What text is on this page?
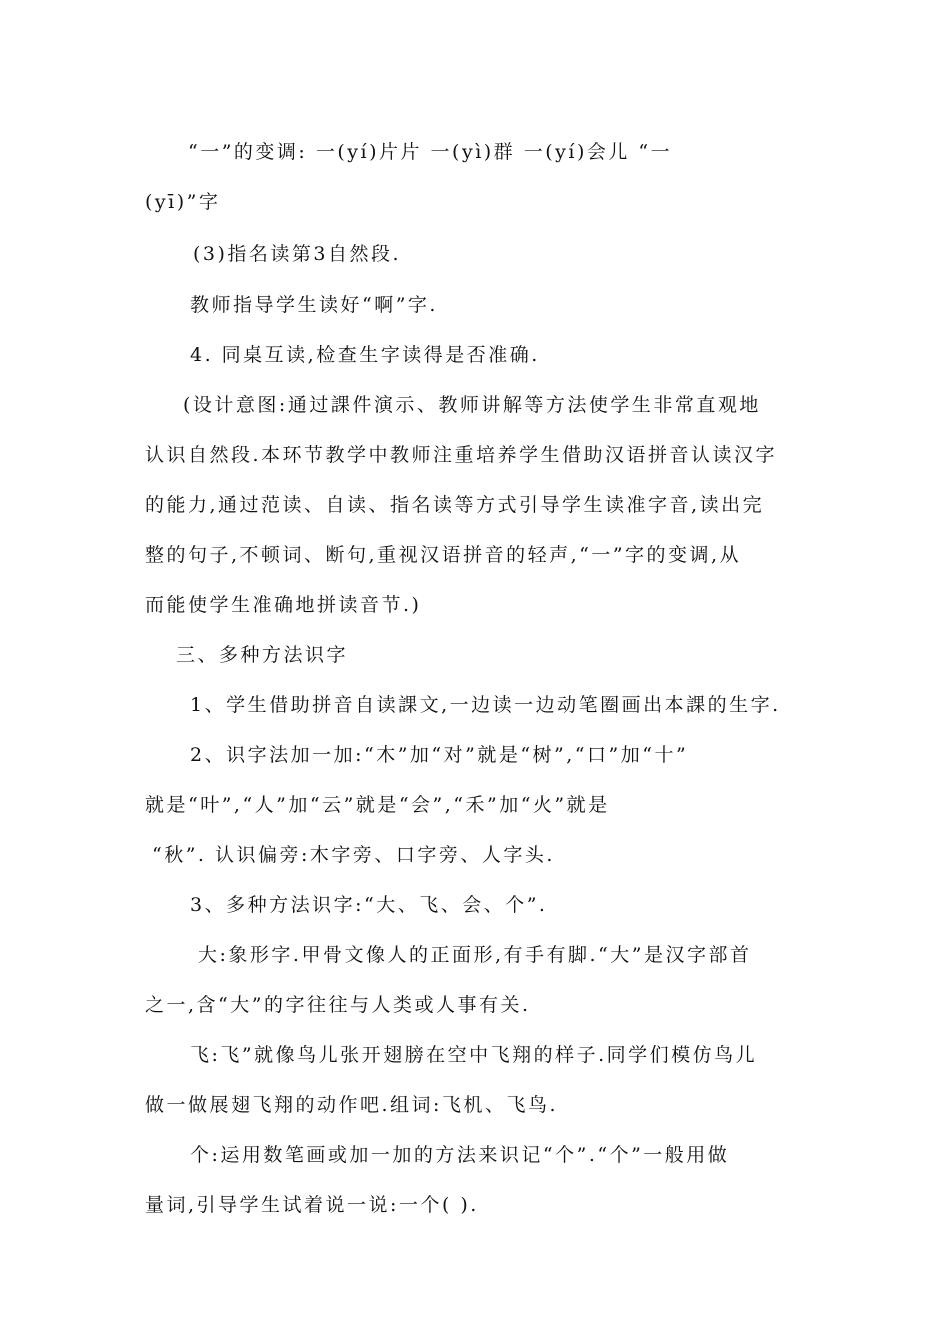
“一”的变调: 一(yí)片片 一(yì)群 一(yí)会儿 “一
(yī)”字
(3)指名读第3自然段.
教师指导学生读好“啊”字.
4. 同桌互读,检查生字读得是否准确.
(设计意图:通过課件演示、教师讲解等方法使学生非常直观地
认识自然段.本环节教学中教师注重培养学生借助汉语拼音认读汉字
的能力,通过范读、自读、指名读等方式引导学生读准字音,读出完
整的句子,不顿词、断句,重视汉语拼音的轻声,“一”字的变调,从
而能使学生准确地拼读音节.)
三、多种方法识字
1、学生借助拼音自读課文,一边读一边动笔圈画出本課的生字.
2、识字法加一加:“木”加“对”就是“树”,“口”加“十”
就是“叶”,“人”加“云”就是“会”,“禾”加“火”就是
“秋”. 认识偏旁:木字旁、口字旁、人字头.
3、多种方法识字:“大、飞、会、个”.
大:象形字.甲骨文像人的正面形,有手有脚.“大”是汉字部首
之一,含“大”的字往往与人类或人事有关.
飞:飞”就像鸟儿张开翅膀在空中飞翔的样子.同学们模仿鸟儿
做一做展翅飞翔的动作吧.组词:飞机、飞鸟.
个:运用数笔画或加一加的方法来识记“个”.“个”一般用做
量词,引导学生试着说一说:一个( ).
